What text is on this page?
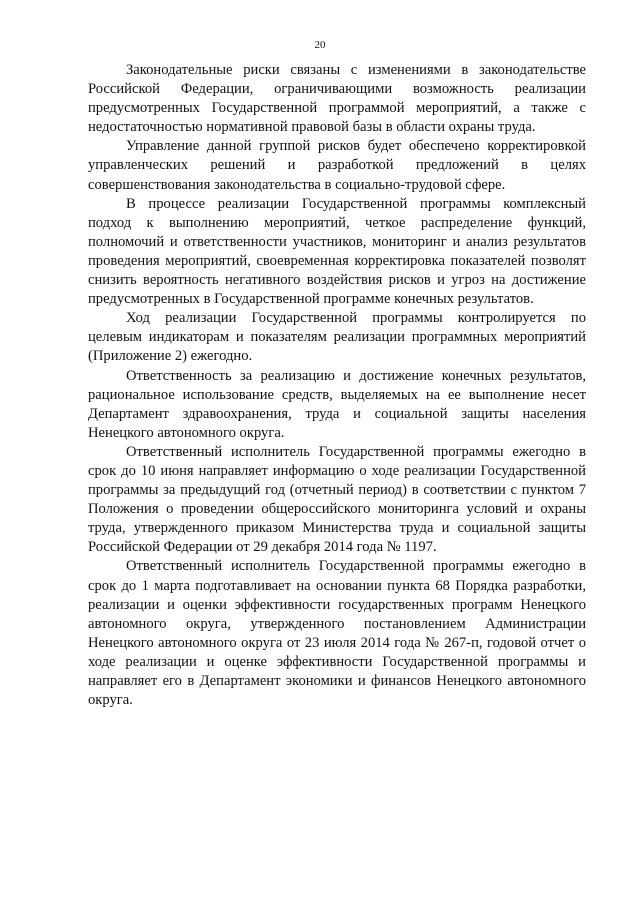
20

Законодательные риски связаны с изменениями в законодательстве Российской Федерации, ограничивающими возможность реализации предусмотренных Государственной программой мероприятий, а также с недостаточностью нормативной правовой базы в области охраны труда.

Управление данной группой рисков будет обеспечено корректировкой управленческих решений и разработкой предложений в целях совершенствования законодательства в социально-трудовой сфере.

В процессе реализации Государственной программы комплексный подход к выполнению мероприятий, четкое распределение функций, полномочий и ответственности участников, мониторинг и анализ результатов проведения мероприятий, своевременная корректировка показателей позволят снизить вероятность негативного воздействия рисков и угроз на достижение предусмотренных в Государственной программе конечных результатов.

Ход реализации Государственной программы контролируется по целевым индикаторам и показателям реализации программных мероприятий (Приложение 2) ежегодно.

Ответственность за реализацию и достижение конечных результатов, рациональное использование средств, выделяемых на ее выполнение несет Департамент здравоохранения, труда и социальной защиты населения Ненецкого автономного округа.

Ответственный исполнитель Государственной программы ежегодно в срок до 10 июня направляет информацию о ходе реализации Государственной программы за предыдущий год (отчетный период) в соответствии с пунктом 7 Положения о проведении общероссийского мониторинга условий и охраны труда, утвержденного приказом Министерства труда и социальной защиты Российской Федерации от 29 декабря 2014 года № 1197.

Ответственный исполнитель Государственной программы ежегодно в срок до 1 марта подготавливает на основании пункта 68 Порядка разработки, реализации и оценки эффективности государственных программ Ненецкого автономного округа, утвержденного постановлением Администрации Ненецкого автономного округа от 23 июля 2014 года № 267-п, годовой отчет о ходе реализации и оценке эффективности Государственной программы и направляет его в Департамент экономики и финансов Ненецкого автономного округа.
